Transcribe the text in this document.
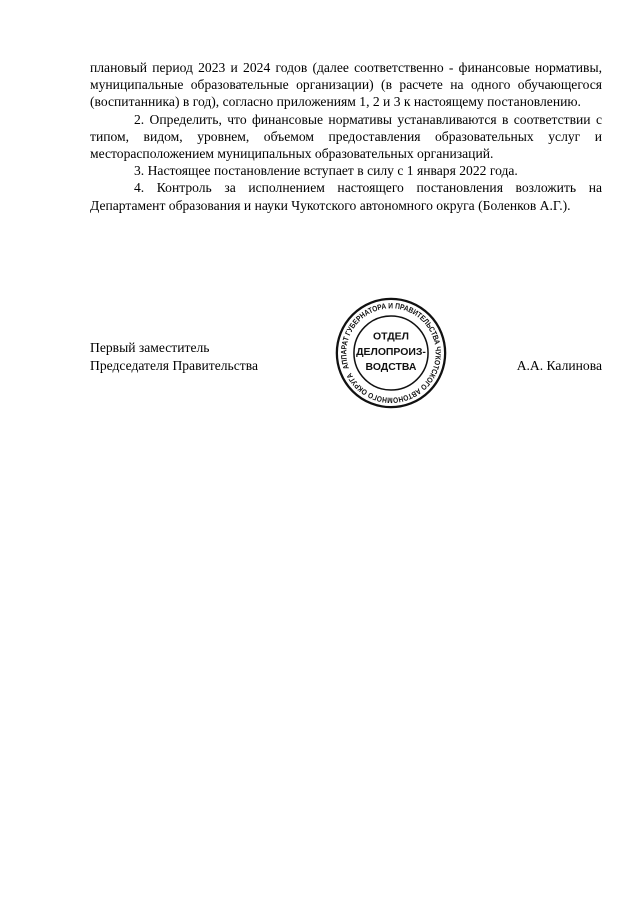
плановый период 2023 и 2024 годов (далее соответственно - финансовые нормативы, муниципальные образовательные организации) (в расчете на одного обучающегося (воспитанника) в год), согласно приложениям 1, 2 и 3 к настоящему постановлению.

2. Определить, что финансовые нормативы устанавливаются в соответствии с типом, видом, уровнем, объемом предоставления образовательных услуг и месторасположением муниципальных образовательных организаций.

3. Настоящее постановление вступает в силу с 1 января 2022 года.

4. Контроль за исполнением настоящего постановления возложить на Департамент образования и науки Чукотского автономного округа (Боленков А.Г.).

Первый заместитель
Председателя Правительства	А.А. Калинова
АППАРАТ ГУБЕРНАТОРА И ПРАВИТЕЛЬСТВА ЧУКОТСКОГО АВТОНОМНОГО ОКРУГА
ОТДЕЛ
ДЕЛОПРОИЗ-
ВОДСТВА
